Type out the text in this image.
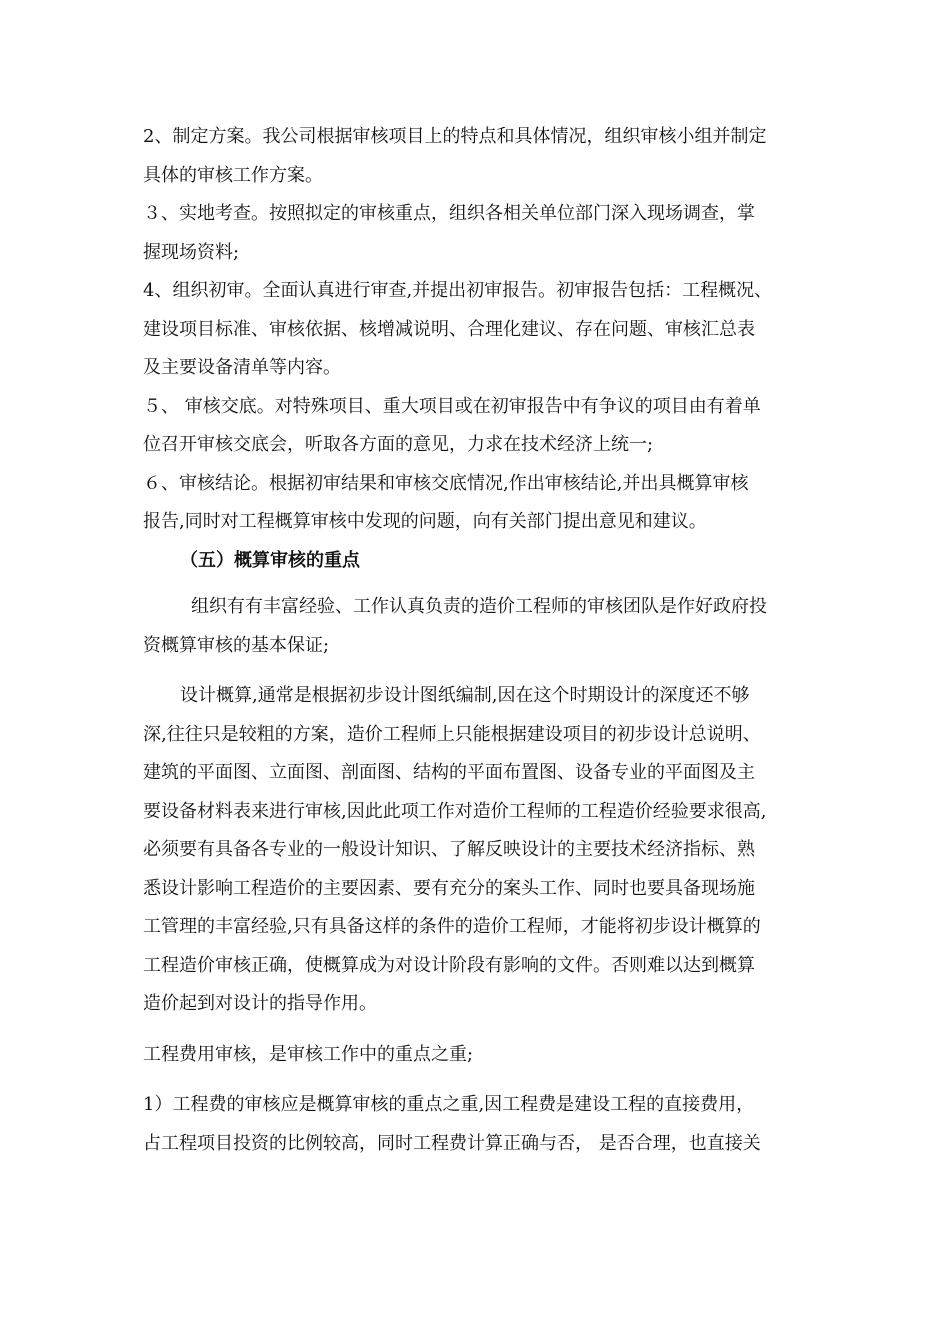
2、制定方案。我公司根据审核项目上的特点和具体情况，组织审核小组并制定
具体的审核工作方案。
３、实地考查。按照拟定的审核重点，组织各相关单位部门深入现场调查，掌
握现场资料;
4、组织初审。全面认真进行审查,并提出初审报告。初审报告包括：工程概况、
建设项目标准、审核依据、核增减说明、合理化建议、存在问题、审核汇总表
及主要设备清单等内容。
５、 审核交底。对特殊项目、重大项目或在初审报告中有争议的项目由有着单
位召开审核交底会，听取各方面的意见，力求在技术经济上统一;
６、审核结论。根据初审结果和审核交底情况,作出审核结论,并出具概算审核
报告,同时对工程概算审核中发现的问题，向有关部门提出意见和建议。
（五）概算审核的重点
组织有有丰富经验、工作认真负责的造价工程师的审核团队是作好政府投
资概算审核的基本保证;
设计概算,通常是根据初步设计图纸编制,因在这个时期设计的深度还不够
深,往往只是较粗的方案，造价工程师上只能根据建设项目的初步设计总说明、
建筑的平面图、立面图、剖面图、结构的平面布置图、设备专业的平面图及主
要设备材料表来进行审核,因此此项工作对造价工程师的工程造价经验要求很高,
必须要有具备各专业的一般设计知识、了解反映设计的主要技术经济指标、熟
悉设计影响工程造价的主要因素、要有充分的案头工作、同时也要具备现场施
工管理的丰富经验,只有具备这样的条件的造价工程师，才能将初步设计概算的
工程造价审核正确，使概算成为对设计阶段有影响的文件。否则难以达到概算
造价起到对设计的指导作用。
工程费用审核，是审核工作中的重点之重;
1）工程费的审核应是概算审核的重点之重,因工程费是建设工程的直接费用，
占工程项目投资的比例较高，同时工程费计算正确与否， 是否合理，也直接关
